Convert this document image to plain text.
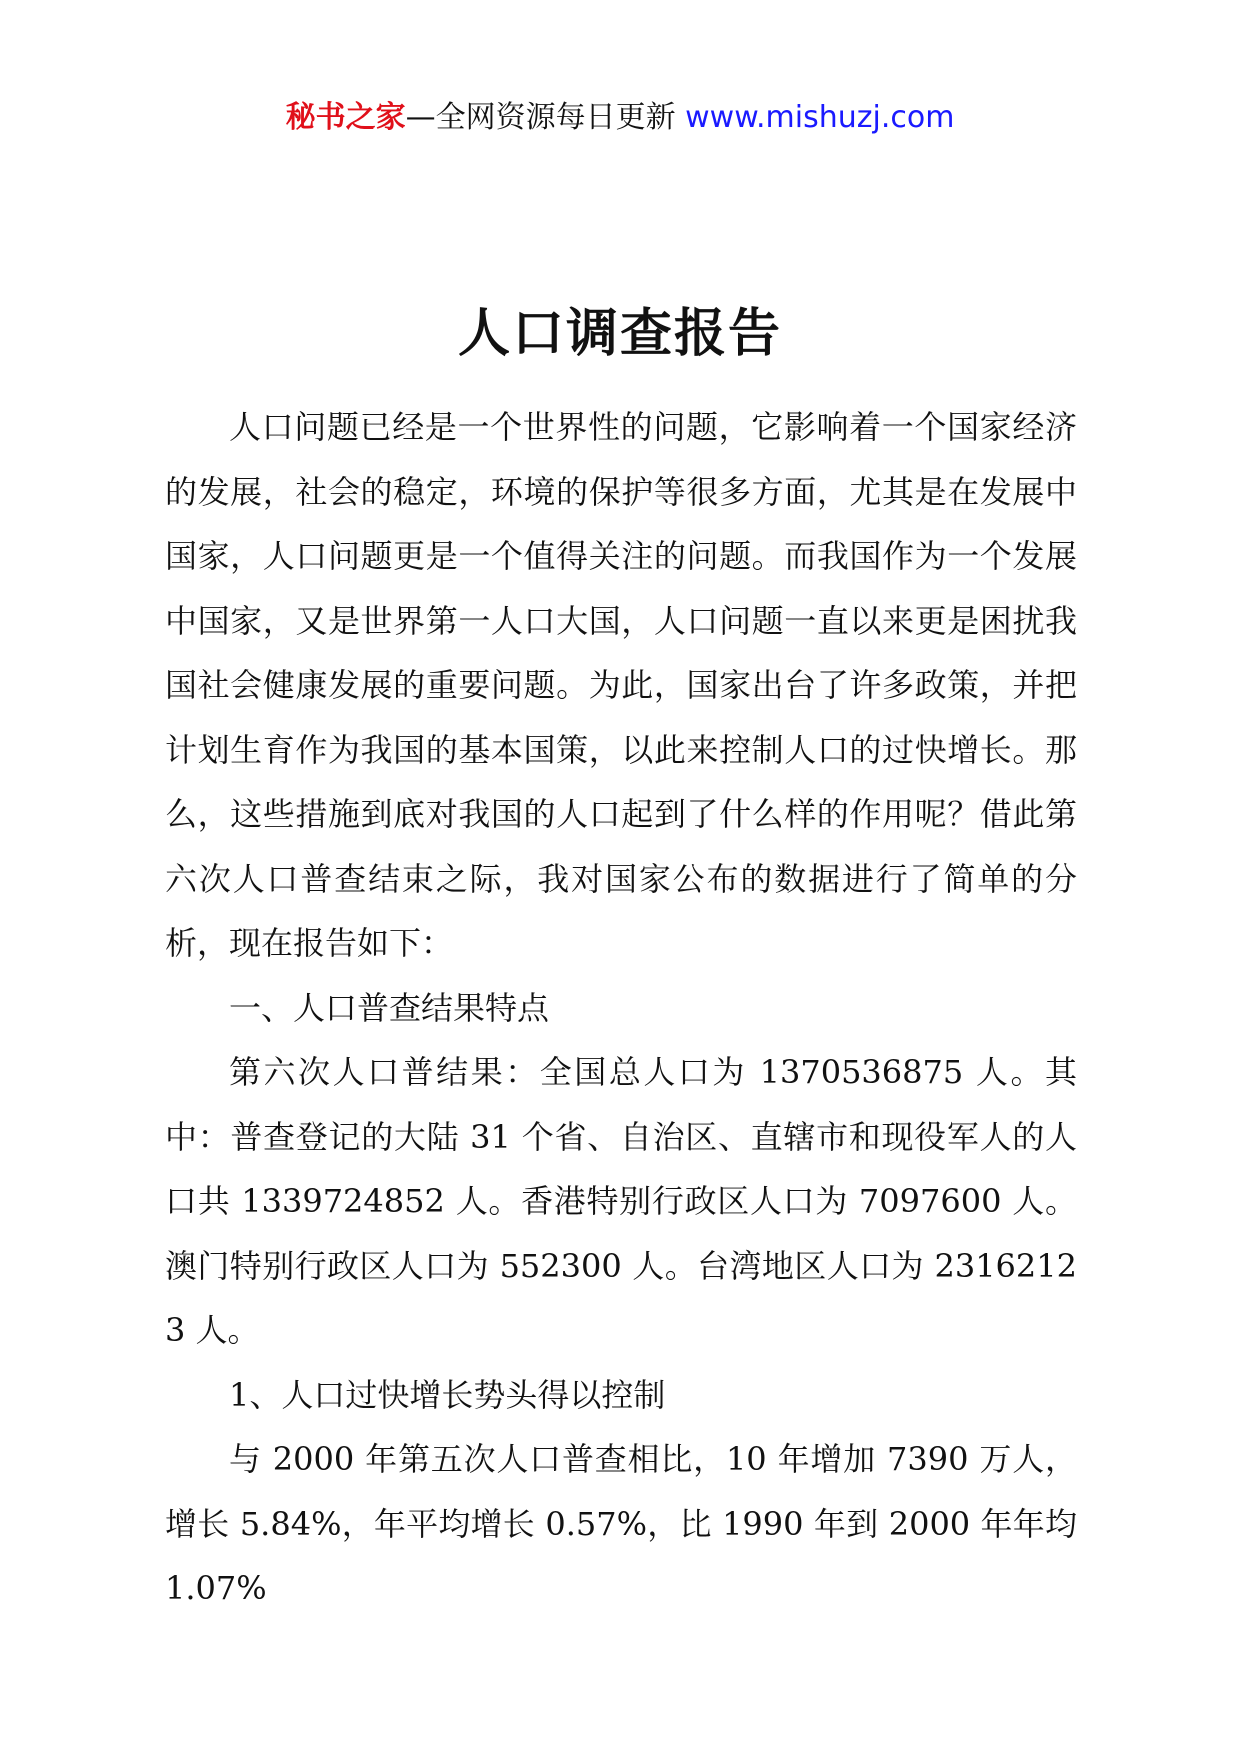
秘书之家—全网资源每日更新 www.mishuzj.com
人口调查报告

人口问题已经是一个世界性的问题，它影响着一个国家经济的发展，社会的稳定，环境的保护等很多方面，尤其是在发展中国家，人口问题更是一个值得关注的问题。而我国作为一个发展中国家，又是世界第一人口大国，人口问题一直以来更是困扰我国社会健康发展的重要问题。为此，国家出台了许多政策，并把计划生育作为我国的基本国策，以此来控制人口的过快增长。那么，这些措施到底对我国的人口起到了什么样的作用呢？借此第六次人口普查结束之际，我对国家公布的数据进行了简单的分析，现在报告如下：

一、人口普查结果特点

第六次人口普结果：全国总人口为 1370536875 人。其中：普查登记的大陆 31 个省、自治区、直辖市和现役军人的人口共 1339724852 人。香港特别行政区人口为 7097600 人。澳门特别行政区人口为 552300 人。台湾地区人口为 23162123 人。

1、人口过快增长势头得以控制

与 2000 年第五次人口普查相比，10 年增加 7390 万人，增长 5.84%，年平均增长 0.57%，比 1990 年到 2000 年年均 1.07%
